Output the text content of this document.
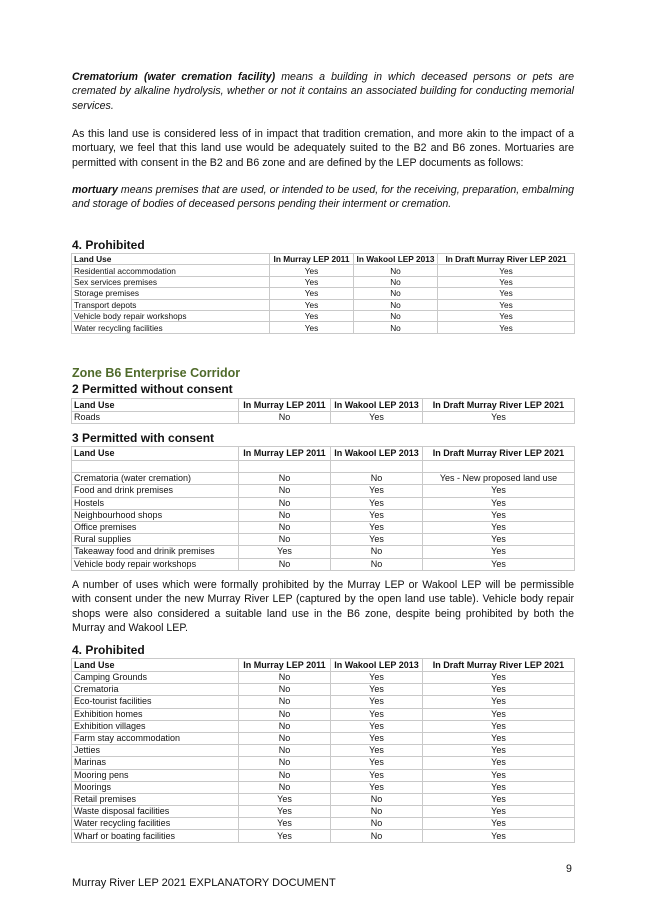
Crematorium (water cremation facility) means a building in which deceased persons or pets are cremated by alkaline hydrolysis, whether or not it contains an associated building for conducting memorial services.
As this land use is considered less of in impact that tradition cremation, and more akin to the impact of a mortuary, we feel that this land use would be adequately suited to the B2 and B6 zones. Mortuaries are permitted with consent in the B2 and B6 zone and are defined by the LEP documents as follows:
mortuary means premises that are used, or intended to be used, for the receiving, preparation, embalming and storage of bodies of deceased persons pending their interment or cremation.
4. Prohibited
Land Use	In Murray LEP 2011	In Wakool LEP 2013	In Draft Murray River LEP 2021
Residential accommodation	Yes	No	Yes
Sex services premises	Yes	No	Yes
Storage premises	Yes	No	Yes
Transport depots	Yes	No	Yes
Vehicle body repair workshops	Yes	No	Yes
Water recycling facilities	Yes	No	Yes
Zone B6 Enterprise Corridor
2 Permitted without consent
Land Use	In Murray LEP 2011	In Wakool LEP 2013	In Draft Murray River LEP 2021
Roads	No	Yes	Yes
3 Permitted with consent
Land Use	In Murray LEP 2011	In Wakool LEP 2013	In Draft Murray River LEP 2021

Crematoria (water cremation)	No	No	Yes - New proposed land use
Food and drink premises	No	Yes	Yes
Hostels	No	Yes	Yes
Neighbourhood shops	No	Yes	Yes
Office premises	No	Yes	Yes
Rural supplies	No	Yes	Yes
Takeaway food and drinik premises	Yes	No	Yes
Vehicle body repair workshops	No	No	Yes
A number of uses which were formally prohibited by the Murray LEP or Wakool LEP will be permissible with consent under the new Murray River LEP (captured by the open land use table). Vehicle body repair shops were also considered a suitable land use in the B6 zone, despite being prohibited by both the Murray and Wakool LEP.
4. Prohibited
Land Use	In Murray LEP 2011	In Wakool LEP 2013	In Draft Murray River LEP 2021
Camping Grounds	No	Yes	Yes
Crematoria	No	Yes	Yes
Eco-tourist facilities	No	Yes	Yes
Exhibition homes	No	Yes	Yes
Exhibition villages	No	Yes	Yes
Farm stay accommodation	No	Yes	Yes
Jetties	No	Yes	Yes
Marinas	No	Yes	Yes
Mooring pens	No	Yes	Yes
Moorings	No	Yes	Yes
Retail premises	Yes	No	Yes
Waste disposal facilities	Yes	No	Yes
Water recycling facilities	Yes	No	Yes
Wharf or boating facilities	Yes	No	Yes
9
Murray River LEP 2021 EXPLANATORY DOCUMENT
